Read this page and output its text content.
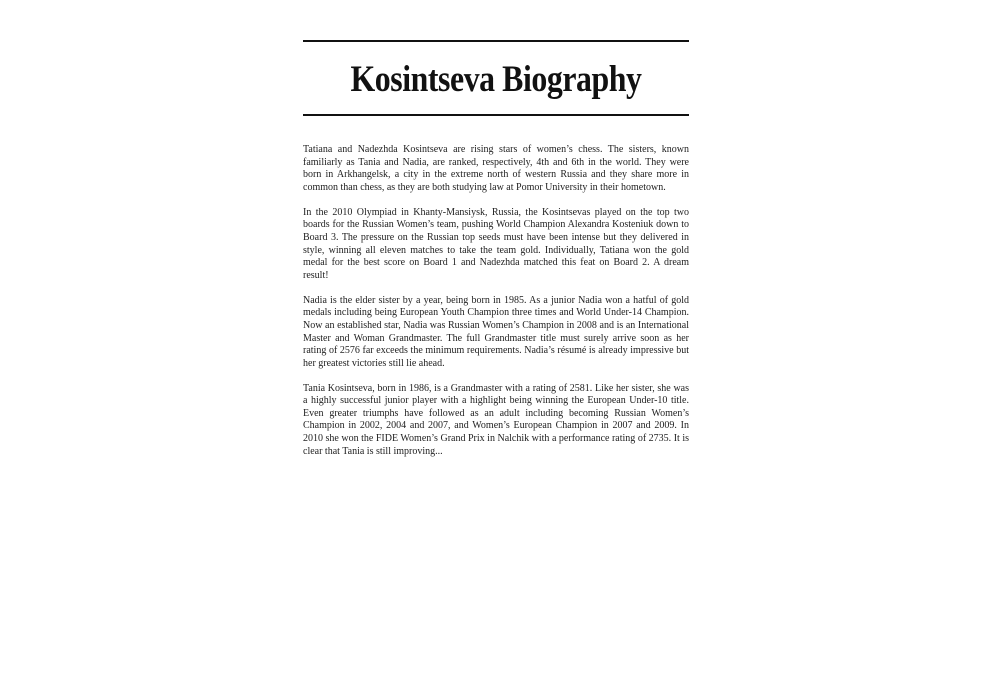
Kosintseva Biography

Tatiana and Nadezhda Kosintseva are rising stars of women’s chess. The sisters, known familiarly as Tania and Nadia, are ranked, respectively, 4th and 6th in the world. They were born in Arkhangelsk, a city in the extreme north of western Russia and they share more in common than chess, as they are both studying law at Pomor University in their hometown.

In the 2010 Olympiad in Khanty-Mansiysk, Russia, the Kosintsevas played on the top two boards for the Russian Women’s team, pushing World Champion Alexandra Kosteniuk down to Board 3. The pressure on the Russian top seeds must have been intense but they delivered in style, winning all eleven matches to take the team gold. Individually, Tatiana won the gold medal for the best score on Board 1 and Nadezhda matched this feat on Board 2. A dream result!

Nadia is the elder sister by a year, being born in 1985. As a junior Nadia won a hatful of gold medals including being European Youth Champion three times and World Under-14 Champion. Now an established star, Nadia was Russian Women’s Champion in 2008 and is an International Master and Woman Grandmaster. The full Grandmaster title must surely arrive soon as her rating of 2576 far exceeds the minimum requirements. Nadia’s résumé is already impressive but her greatest victories still lie ahead.

Tania Kosintseva, born in 1986, is a Grandmaster with a rating of 2581. Like her sister, she was a highly successful junior player with a highlight being winning the European Under-10 title. Even greater triumphs have followed as an adult including becoming Russian Women’s Champion in 2002, 2004 and 2007, and Women’s European Champion in 2007 and 2009. In 2010 she won the FIDE Women’s Grand Prix in Nalchik with a performance rating of 2735. It is clear that Tania is still improving...
